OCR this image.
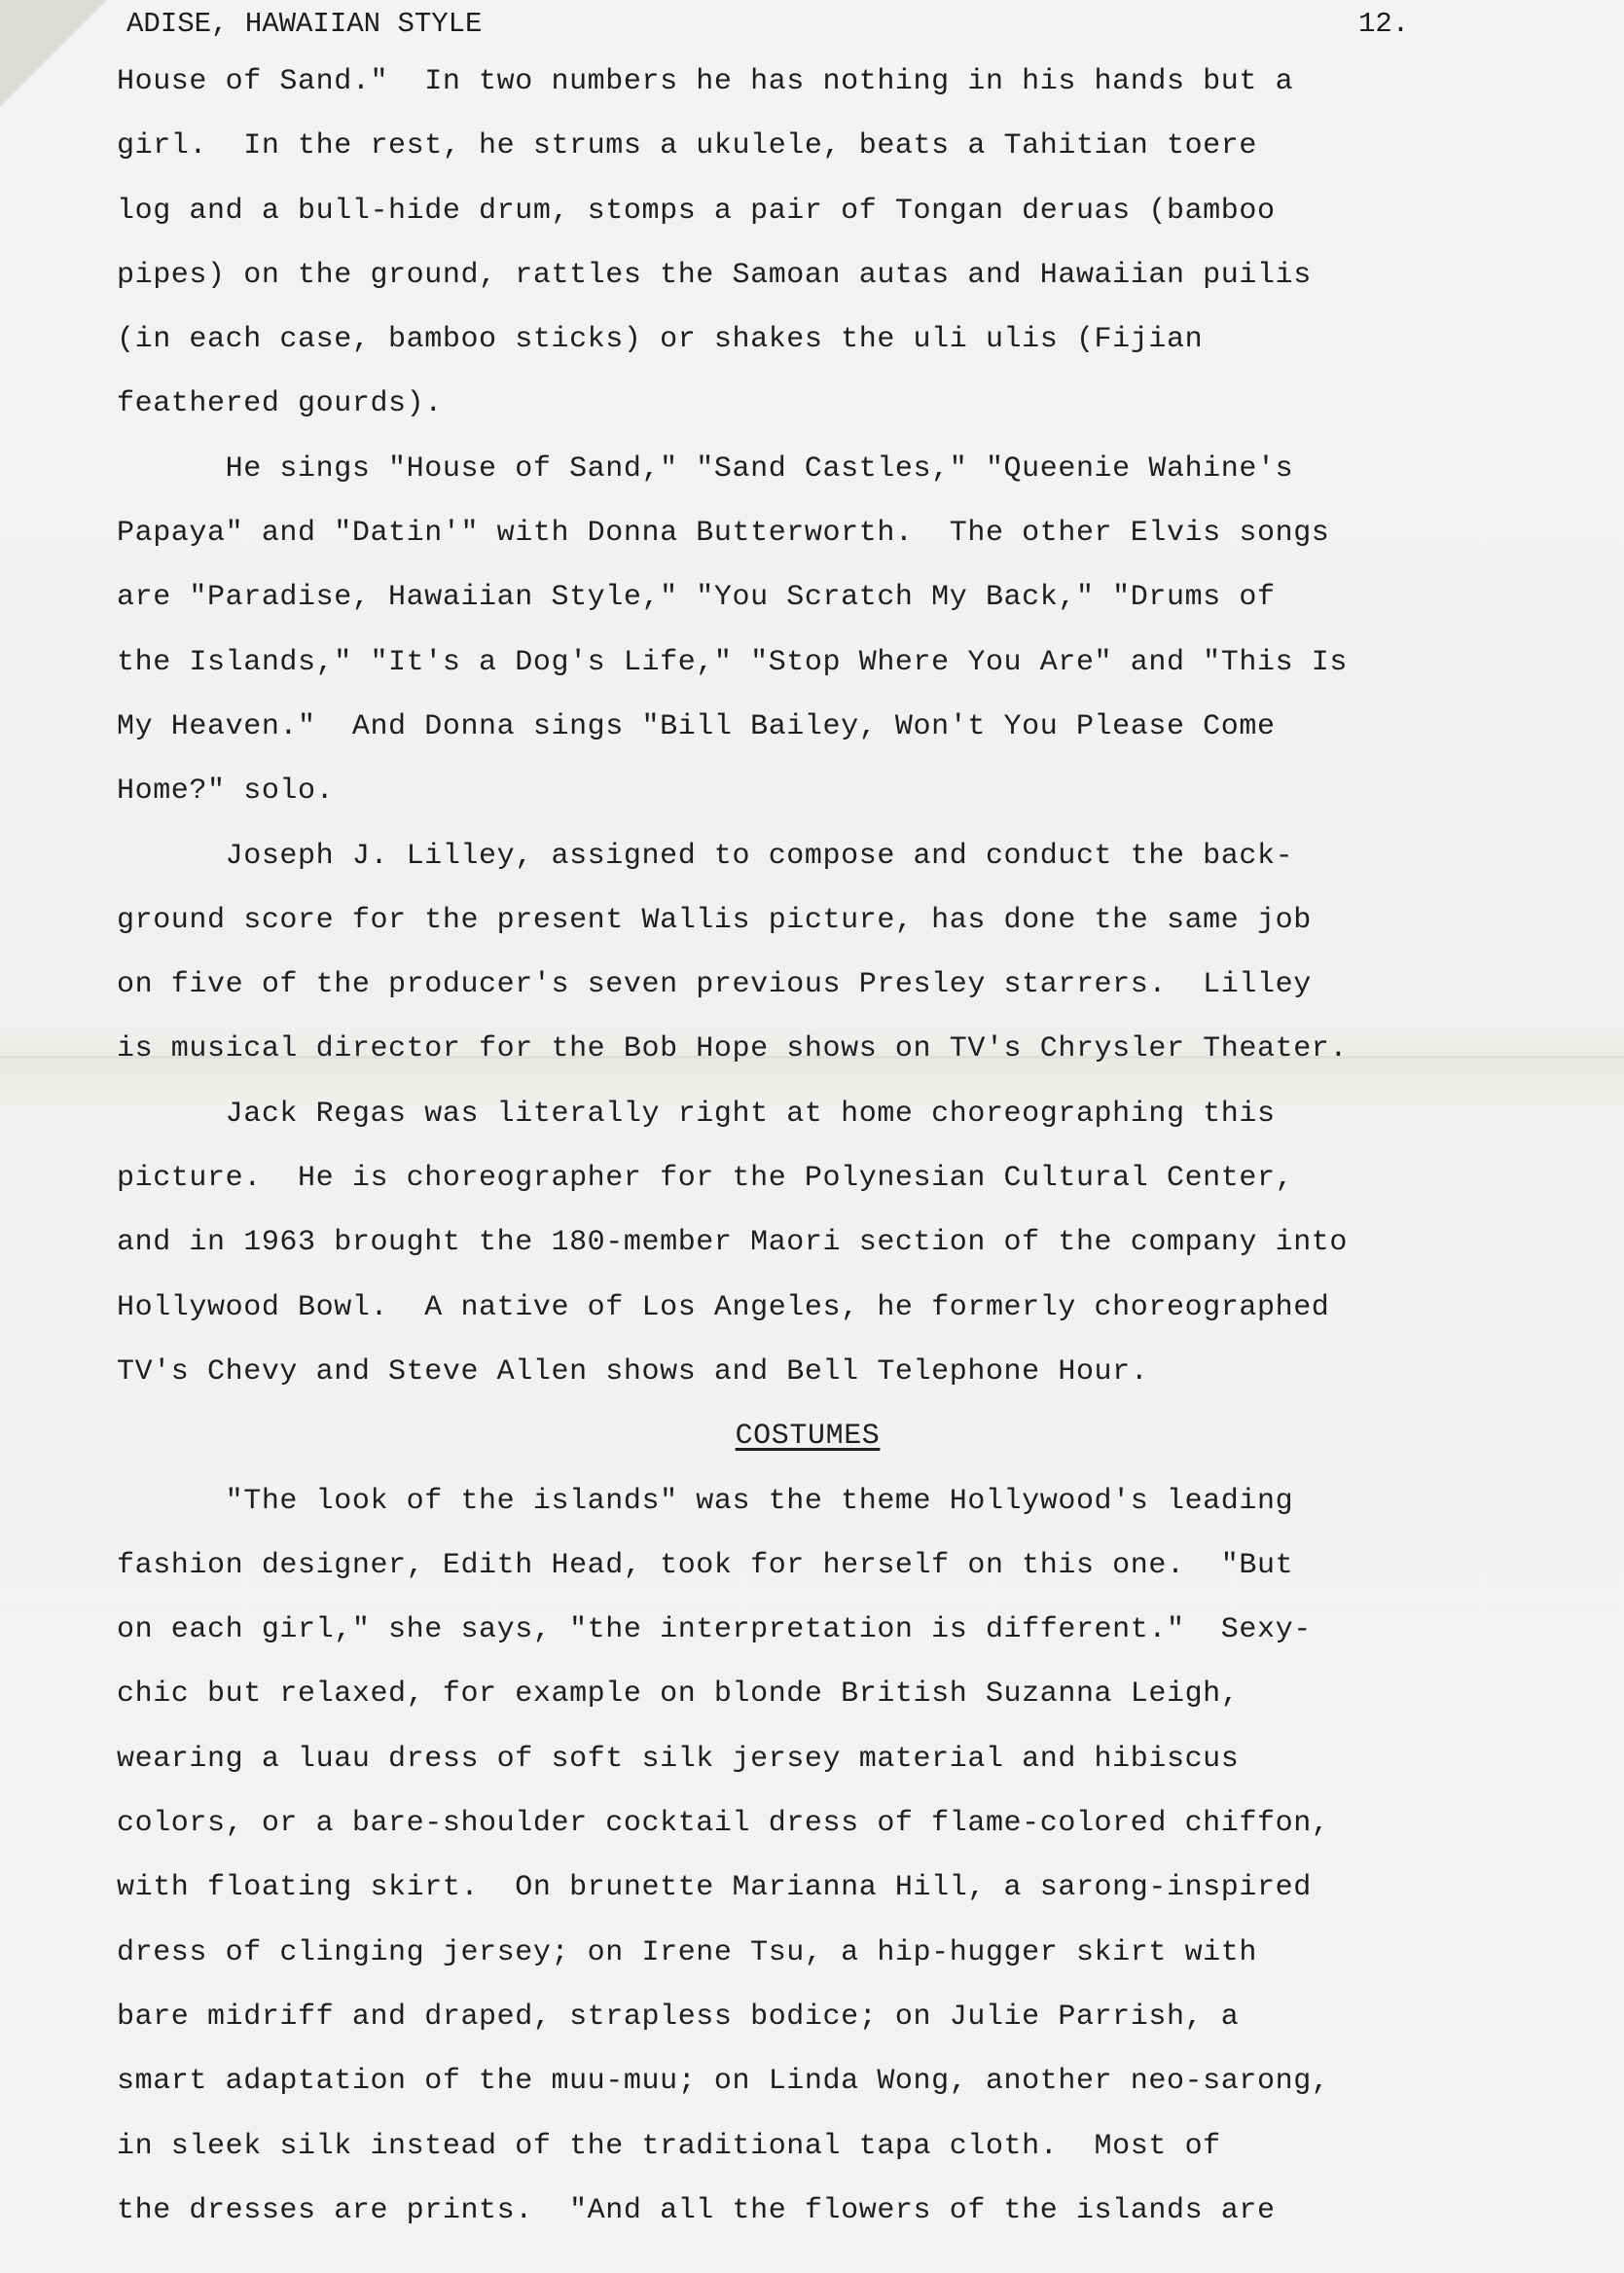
ADISE, HAWAIIAN STYLE	12.
House of Sand."  In two numbers he has nothing in his hands but a
girl.  In the rest, he strums a ukulele, beats a Tahitian toere
log and a bull-hide drum, stomps a pair of Tongan deruas (bamboo
pipes) on the ground, rattles the Samoan autas and Hawaiian puilis
(in each case, bamboo sticks) or shakes the uli ulis (Fijian
feathered gourds).
He sings "House of Sand," "Sand Castles," "Queenie Wahine's
Papaya" and "Datin'" with Donna Butterworth.  The other Elvis songs
are "Paradise, Hawaiian Style," "You Scratch My Back," "Drums of
the Islands," "It's a Dog's Life," "Stop Where You Are" and "This Is
My Heaven."  And Donna sings "Bill Bailey, Won't You Please Come
Home?" solo.
Joseph J. Lilley, assigned to compose and conduct the back-
ground score for the present Wallis picture, has done the same job
on five of the producer's seven previous Presley starrers.  Lilley
is musical director for the Bob Hope shows on TV's Chrysler Theater.
Jack Regas was literally right at home choreographing this
picture.  He is choreographer for the Polynesian Cultural Center,
and in 1963 brought the 180-member Maori section of the company into
Hollywood Bowl.  A native of Los Angeles, he formerly choreographed
TV's Chevy and Steve Allen shows and Bell Telephone Hour.
COSTUMES
"The look of the islands" was the theme Hollywood's leading
fashion designer, Edith Head, took for herself on this one.  "But
on each girl," she says, "the interpretation is different."  Sexy-
chic but relaxed, for example on blonde British Suzanna Leigh,
wearing a luau dress of soft silk jersey material and hibiscus
colors, or a bare-shoulder cocktail dress of flame-colored chiffon,
with floating skirt.  On brunette Marianna Hill, a sarong-inspired
dress of clinging jersey; on Irene Tsu, a hip-hugger skirt with
bare midriff and draped, strapless bodice; on Julie Parrish, a
smart adaptation of the muu-muu; on Linda Wong, another neo-sarong,
in sleek silk instead of the traditional tapa cloth.  Most of
the dresses are prints.  "And all the flowers of the islands are
